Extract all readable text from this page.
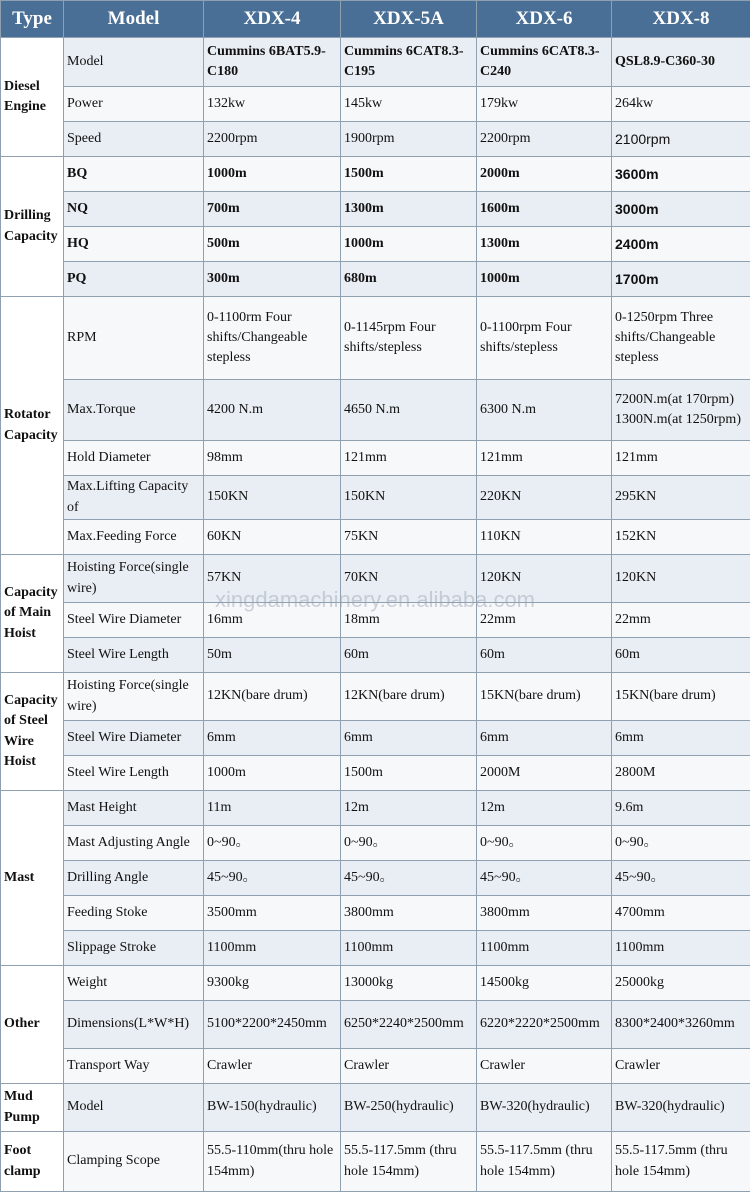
Type	Model	XDX-4	XDX-5A	XDX-6	XDX-8
Diesel Engine	Model	Cummins 6BAT5.9-C180	Cummins 6CAT8.3-C195	Cummins 6CAT8.3-C240	QSL8.9-C360-30
	Power	132kw	145kw	179kw	264kw
	Speed	2200rpm	1900rpm	2200rpm	2100rpm
Drilling Capacity	BQ	1000m	1500m	2000m	3600m
	NQ	700m	1300m	1600m	3000m
	HQ	500m	1000m	1300m	2400m
	PQ	300m	680m	1000m	1700m
Rotator Capacity	RPM	0-1100rm Four shifts/Changeable stepless	0-1145rpm Four shifts/stepless	0-1100rpm Four shifts/stepless	0-1250rpm Three shifts/Changeable stepless
	Max.Torque	4200 N.m	4650 N.m	6300 N.m	7200N.m(at 170rpm) 1300N.m(at 1250rpm)
	Hold Diameter	98mm	121mm	121mm	121mm
	Max.Lifting Capacity of	150KN	150KN	220KN	295KN
	Max.Feeding Force	60KN	75KN	110KN	152KN
Capacity of Main Hoist	Hoisting Force(single wire)	57KN	70KN	120KN	120KN
	Steel Wire Diameter	16mm	18mm	22mm	22mm
	Steel Wire Length	50m	60m	60m	60m
Capacity of Steel Wire Hoist	Hoisting Force(single wire)	12KN(bare drum)	12KN(bare drum)	15KN(bare drum)	15KN(bare drum)
	Steel Wire Diameter	6mm	6mm	6mm	6mm
	Steel Wire Length	1000m	1500m	2000M	2800M
Mast	Mast Height	11m	12m	12m	9.6m
	Mast Adjusting Angle	0~90。	0~90。	0~90。	0~90。
	Drilling Angle	45~90。	45~90。	45~90。	45~90。
	Feeding Stoke	3500mm	3800mm	3800mm	4700mm
	Slippage Stroke	1100mm	1100mm	1100mm	1100mm
Other	Weight	9300kg	13000kg	14500kg	25000kg
	Dimensions(L*W*H)	5100*2200*2450mm	6250*2240*2500mm	6220*2220*2500mm	8300*2400*3260mm
	Transport Way	Crawler	Crawler	Crawler	Crawler
Mud Pump	Model	BW-150(hydraulic)	BW-250(hydraulic)	BW-320(hydraulic)	BW-320(hydraulic)
Foot clamp	Clamping Scope	55.5-110mm(thru hole 154mm)	55.5-117.5mm (thru hole 154mm)	55.5-117.5mm (thru hole 154mm)	55.5-117.5mm (thru hole 154mm)
xingdamachinery.en.alibaba.com
